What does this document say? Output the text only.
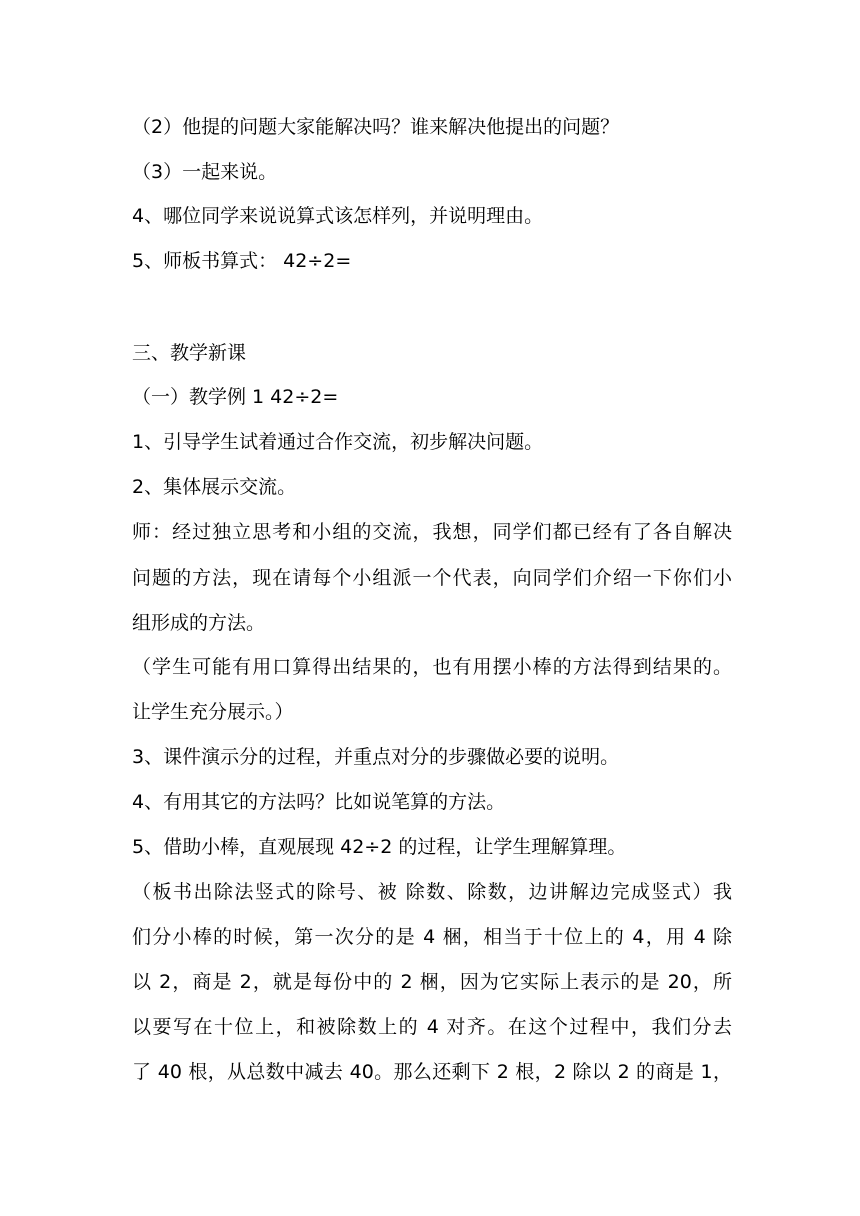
（2）他提的问题大家能解决吗？谁来解决他提出的问题？
（3）一起来说。
4、哪位同学来说说算式该怎样列，并说明理由。
5、师板书算式： 42÷2=
三、教学新课
（一）教学例 1 42÷2=
1、引导学生试着通过合作交流，初步解决问题。
2、集体展示交流。
师：经过独立思考和小组的交流，我想，同学们都已经有了各自解决
问题的方法，现在请每个小组派一个代表，向同学们介绍一下你们小
组形成的方法。
（学生可能有用口算得出结果的，也有用摆小棒的方法得到结果的。
让学生充分展示。）
3、课件演示分的过程，并重点对分的步骤做必要的说明。
4、有用其它的方法吗？比如说笔算的方法。
5、借助小棒，直观展现 42÷2 的过程，让学生理解算理。
（板书出除法竖式的除号、被 除数、除数，边讲解边完成竖式）我
们分小棒的时候，第一次分的是 4 梱，相当于十位上的 4，用 4 除
以 2，商是 2，就是每份中的 2 梱，因为它实际上表示的是 20，所
以要写在十位上，和被除数上的 4 对齐。在这个过程中，我们分去
了 40 根，从总数中减去 40。那么还剩下 2 根，2 除以 2 的商是 1，
